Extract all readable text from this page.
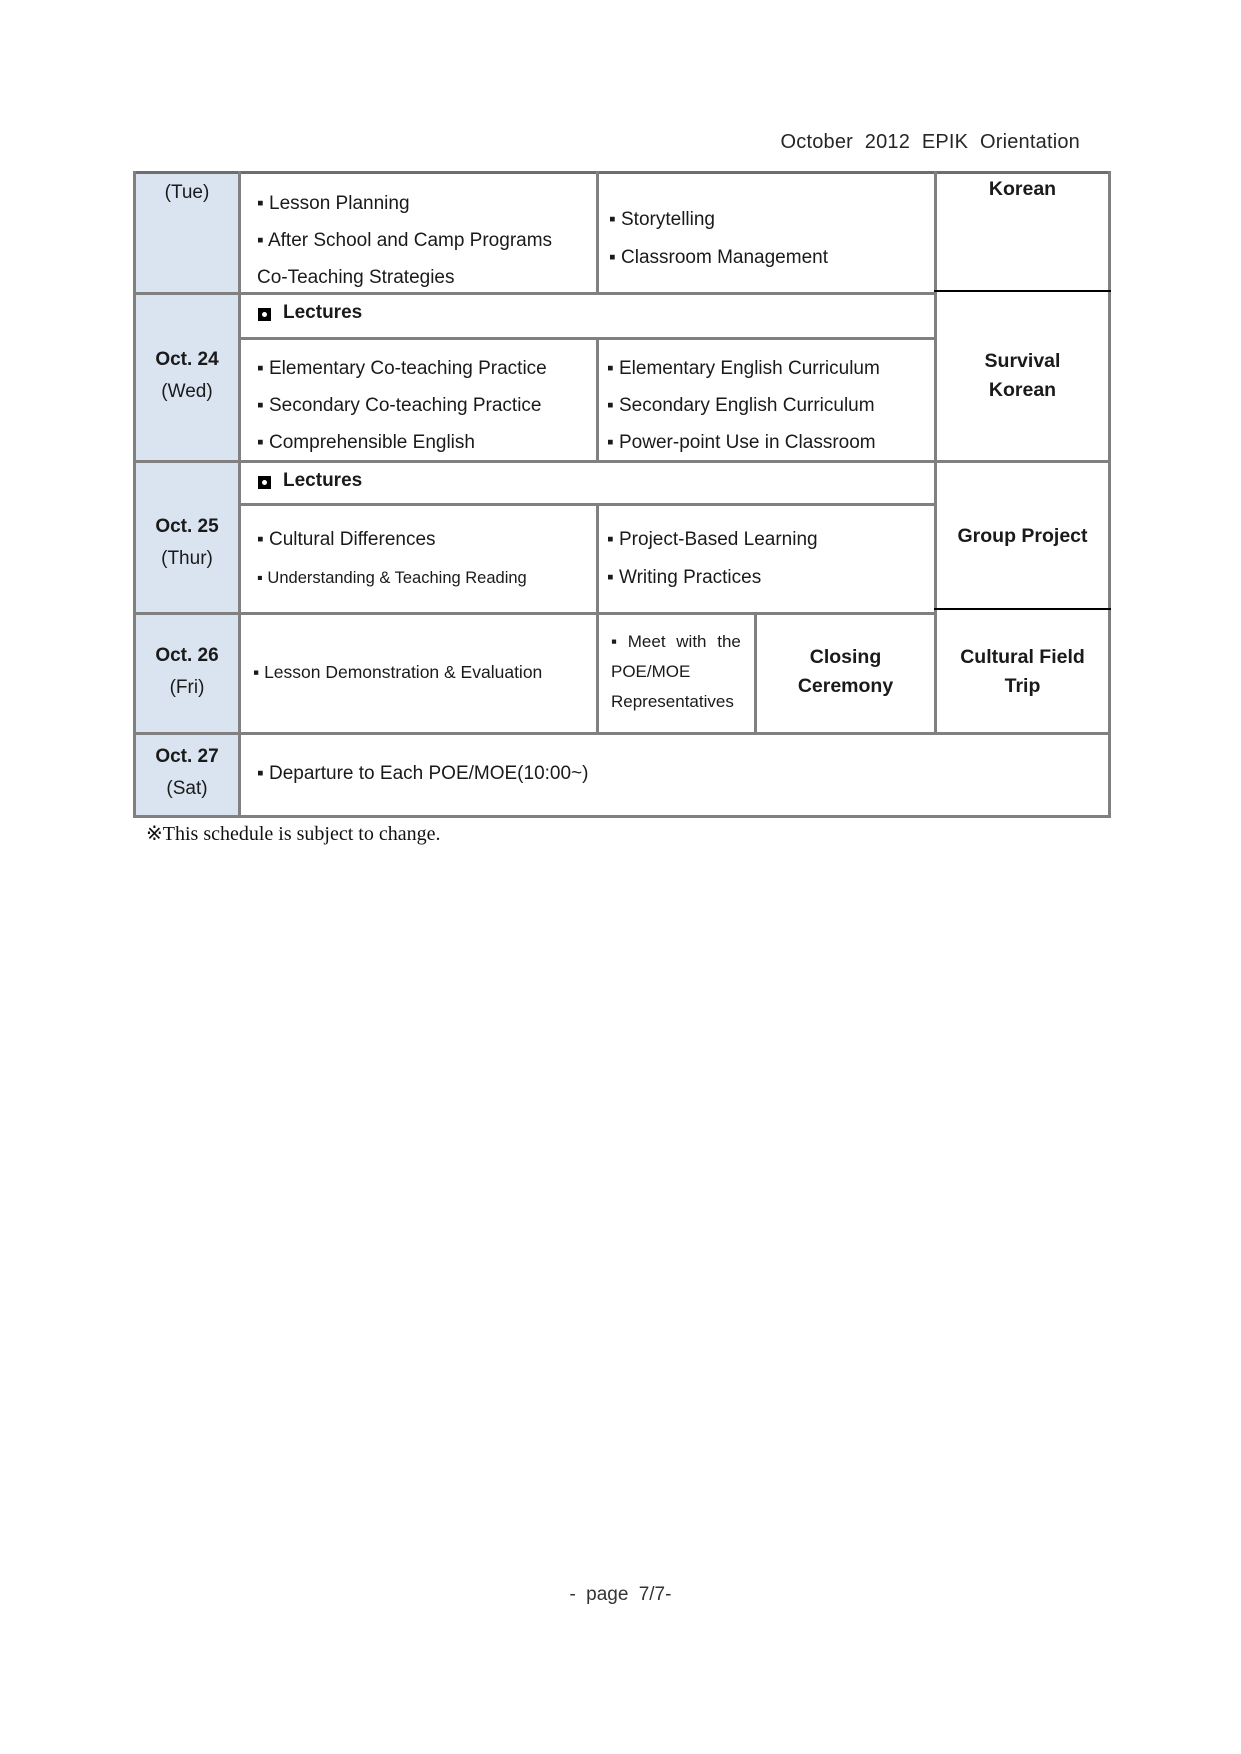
October 2012 EPIK Orientation
(Tue)
▪ Lesson Planning
▪ After School and Camp Programs
Co-Teaching Strategies
▪ Storytelling
▪ Classroom Management
Korean
Oct. 24
(Wed)
Lectures
▪ Elementary Co-teaching Practice
▪ Secondary Co-teaching Practice
▪ Comprehensible English
▪ Elementary English Curriculum
▪ Secondary English Curriculum
▪ Power-point Use in Classroom
Survival
Korean
Oct. 25
(Thur)
Lectures
▪ Cultural Differences
▪ Understanding & Teaching Reading
▪ Project-Based Learning
▪ Writing Practices
Group Project
Oct. 26
(Fri)
▪ Lesson Demonstration & Evaluation
▪ Meet with the
POE/MOE
Representatives
Closing
Ceremony
Cultural Field
Trip
Oct. 27
(Sat)
▪ Departure to Each POE/MOE(10:00~)
※This schedule is subject to change.
- page 7/7-
